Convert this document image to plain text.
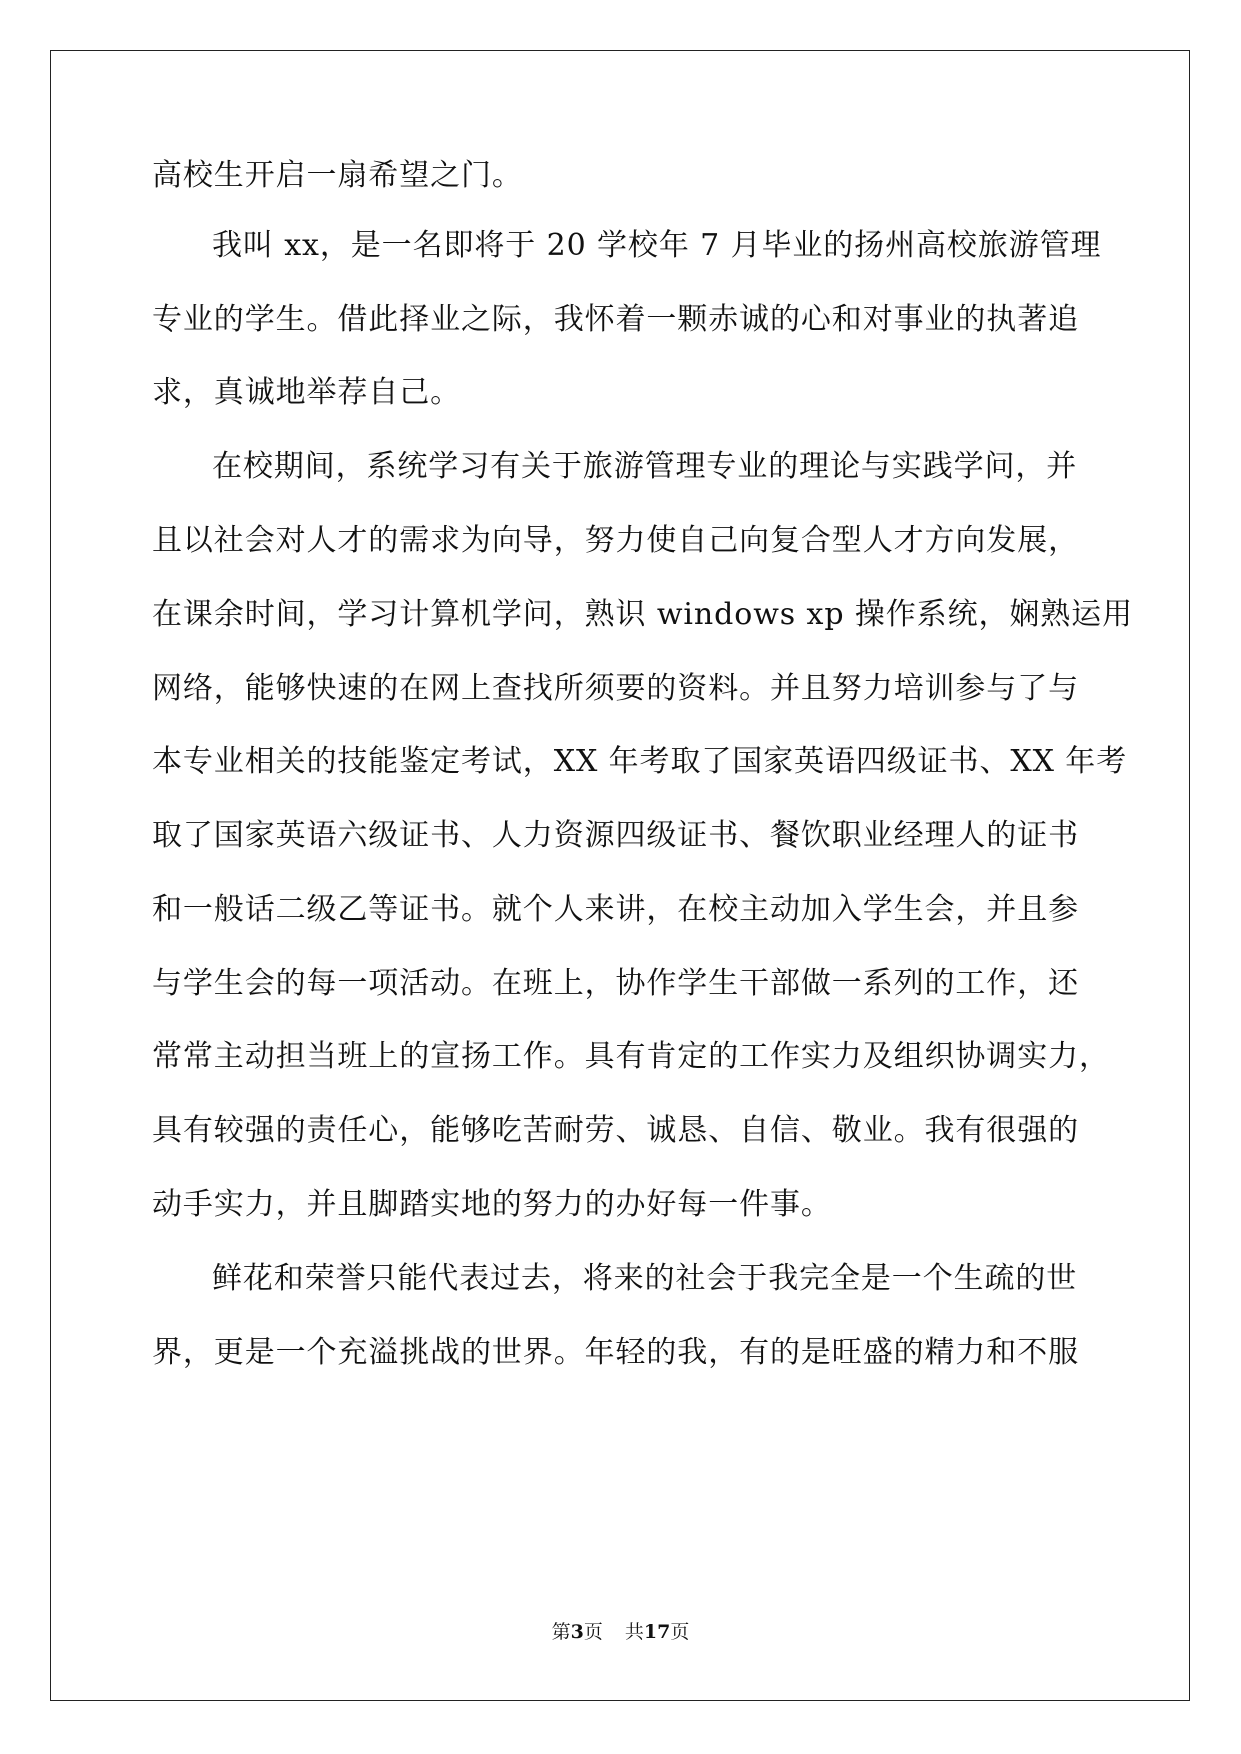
高校生开启一扇希望之门。
我叫 xx，是一名即将于 20 学校年 7 月毕业的扬州高校旅游管理
专业的学生。借此择业之际，我怀着一颗赤诚的心和对事业的执著追
求，真诚地举荐自己。
在校期间，系统学习有关于旅游管理专业的理论与实践学问，并
且以社会对人才的需求为向导，努力使自己向复合型人才方向发展，
在课余时间，学习计算机学问，熟识 windows xp 操作系统，娴熟运用
网络，能够快速的在网上查找所须要的资料。并且努力培训参与了与
本专业相关的技能鉴定考试，XX 年考取了国家英语四级证书、XX 年考
取了国家英语六级证书、人力资源四级证书、餐饮职业经理人的证书
和一般话二级乙等证书。就个人来讲，在校主动加入学生会，并且参
与学生会的每一项活动。在班上，协作学生干部做一系列的工作，还
常常主动担当班上的宣扬工作。具有肯定的工作实力及组织协调实力，
具有较强的责任心，能够吃苦耐劳、诚恳、自信、敬业。我有很强的
动手实力，并且脚踏实地的努力的办好每一件事。
鲜花和荣誉只能代表过去，将来的社会于我完全是一个生疏的世
界，更是一个充溢挑战的世界。年轻的我，有的是旺盛的精力和不服
第3页 共17页
